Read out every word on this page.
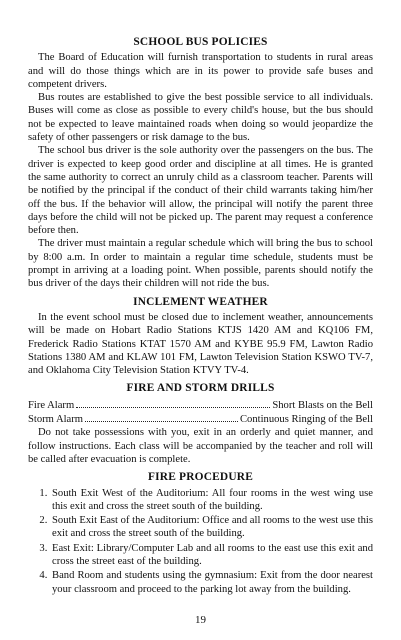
SCHOOL BUS POLICIES

The Board of Education will furnish transportation to students in rural areas and will do those things which are in its power to provide safe buses and competent drivers.

Bus routes are established to give the best possible service to all individuals. Buses will come as close as possible to every child's house, but the bus should not be expected to leave maintained roads when doing so would jeopardize the safety of other passengers or risk damage to the bus.

The school bus driver is the sole authority over the passengers on the bus. The driver is expected to keep good order and discipline at all times. He is granted the same authority to correct an unruly child as a classroom teacher. Parents will be notified by the principal if the conduct of their child warrants taking him/her off the bus. If the behavior will allow, the principal will notify the parent three days before the child will not be picked up. The parent may request a conference before then.

The driver must maintain a regular schedule which will bring the bus to school by 8:00 a.m. In order to maintain a regular time schedule, students must be prompt in arriving at a loading point. When possible, parents should notify the bus driver of the days their children will not ride the bus.

INCLEMENT WEATHER

In the event school must be closed due to inclement weather, announcements will be made on Hobart Radio Stations KTJS 1420 AM and KQ106 FM, Frederick Radio Stations KTAT 1570 AM and KYBE 95.9 FM, Lawton Radio Stations 1380 AM and KLAW 101 FM, Lawton Television Station KSWO TV-7, and Oklahoma City Television Station KTVY TV-4.

FIRE AND STORM DRILLS
Fire Alarm	Short Blasts on the Bell
Storm Alarm	Continuous Ringing of the Bell

Do not take possessions with you, exit in an orderly and quiet manner, and follow instructions. Each class will be accompanied by the teacher and roll will be called after evacuation is complete.

FIRE PROCEDURE
1. South Exit West of the Auditorium: All four rooms in the west wing use this exit and cross the street south of the building.
2. South Exit East of the Auditorium: Office and all rooms to the west use this exit and cross the street south of the building.
3. East Exit: Library/Computer Lab and all rooms to the east use this exit and cross the street east of the building.
4. Band Room and students using the gymnasium: Exit from the door nearest your classroom and proceed to the parking lot away from the building.
19
